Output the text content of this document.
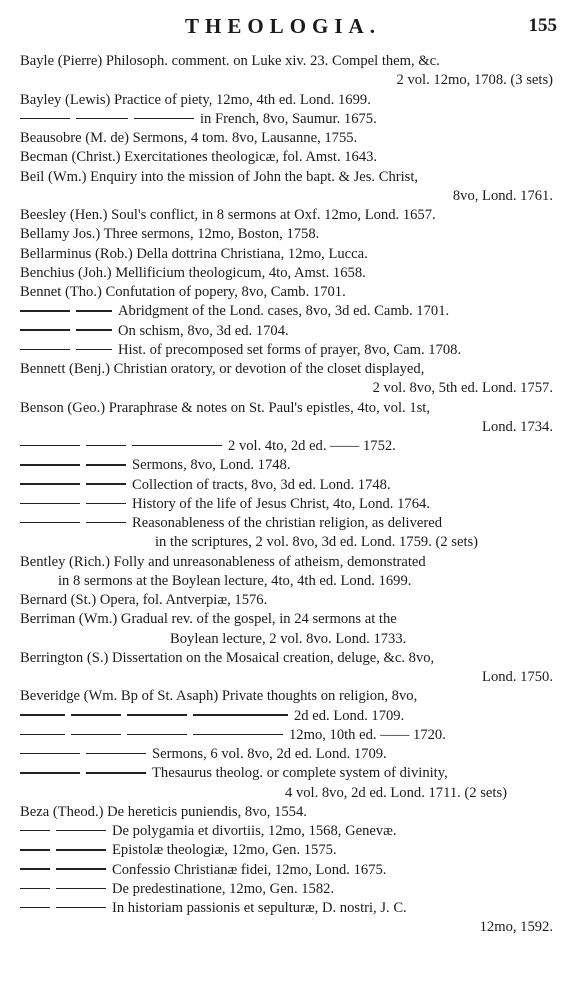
THEOLOGIA.	155
Bayle (Pierre) Philosoph. comment. on Luke xiv. 23. Compel them, &c.
2 vol. 12mo, 1708. (3 sets)
Bayley (Lewis) Practice of piety, 12mo, 4th ed. Lond. 1699.
in French, 8vo, Saumur. 1675.
Beausobre (M. de) Sermons, 4 tom. 8vo, Lausanne, 1755.
Becman (Christ.) Exercitationes theologicæ, fol. Amst. 1643.
Beil (Wm.) Enquiry into the mission of John the bapt. & Jes. Christ,
8vo, Lond. 1761.
Beesley (Hen.) Soul's conflict, in 8 sermons at Oxf. 12mo, Lond. 1657.
Bellamy Jos.) Three sermons, 12mo, Boston, 1758.
Bellarminus (Rob.) Della dottrina Christiana, 12mo, Lucca.
Benchius (Joh.) Mellificium theologicum, 4to, Amst. 1658.
Bennet (Tho.) Confutation of popery, 8vo, Camb. 1701.
Abridgment of the Lond. cases, 8vo, 3d ed. Camb. 1701.
On schism, 8vo, 3d ed. 1704.
Hist. of precomposed set forms of prayer, 8vo, Cam. 1708.
Bennett (Benj.) Christian oratory, or devotion of the closet displayed,
2 vol. 8vo, 5th ed. Lond. 1757.
Benson (Geo.) Praraphrase & notes on St. Paul's epistles, 4to, vol. 1st,
Lond. 1734.
2 vol. 4to, 2d ed. —— 1752.
Sermons, 8vo, Lond. 1748.
Collection of tracts, 8vo, 3d ed. Lond. 1748.
History of the life of Jesus Christ, 4to, Lond. 1764.
Reasonableness of the christian religion, as delivered
in the scriptures, 2 vol. 8vo, 3d ed. Lond. 1759. (2 sets)
Bentley (Rich.) Folly and unreasonableness of atheism, demonstrated
in 8 sermons at the Boylean lecture, 4to, 4th ed. Lond. 1699.
Bernard (St.) Opera, fol. Antverpiæ, 1576.
Berriman (Wm.) Gradual rev. of the gospel, in 24 sermons at the
Boylean lecture, 2 vol. 8vo. Lond. 1733.
Berrington (S.) Dissertation on the Mosaical creation, deluge, &c. 8vo,
Lond. 1750.
Beveridge (Wm. Bp of St. Asaph) Private thoughts on religion, 8vo,
2d ed. Lond. 1709.
12mo, 10th ed. —— 1720.
Sermons, 6 vol. 8vo, 2d ed. Lond. 1709.
Thesaurus theolog. or complete system of divinity,
4 vol. 8vo, 2d ed. Lond. 1711. (2 sets)
Beza (Theod.) De hereticis puniendis, 8vo, 1554.
De polygamia et divortiis, 12mo, 1568, Genevæ.
Epistolæ theologiæ, 12mo, Gen. 1575.
Confessio Christianæ fidei, 12mo, Lond. 1675.
De predestinatione, 12mo, Gen. 1582.
In historiam passionis et sepulturæ, D. nostri, J. C.
12mo, 1592.
